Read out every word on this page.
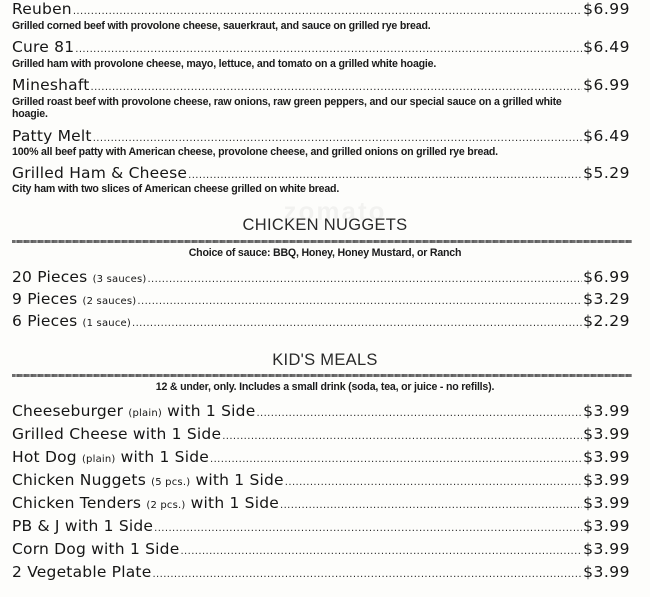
Reuben .....	$6.99
Grilled corned beef with provolone cheese, sauerkraut, and sauce on grilled rye bread.
Cure 81 .....	$6.49
Grilled ham with provolone cheese, mayo, lettuce, and tomato on a grilled white hoagie.
Mineshaft .....	$6.99
Grilled roast beef with provolone cheese, raw onions, raw green peppers, and our special sauce on a grilled white
hoagie.
Patty Melt .....	$6.49
100% all beef patty with American cheese, provolone cheese, and grilled onions on grilled rye bread.
Grilled Ham & Cheese .....	$5.29
City ham with two slices of American cheese grilled on white bread.
CHICKEN NUGGETS
Choice of sauce: BBQ, Honey, Honey Mustard, or Ranch
20 Pieces (3 sauces) .....	$6.99
9 Pieces (2 sauces) .....	$3.29
6 Pieces (1 sauce) .....	$2.29
KID'S MEALS
12 & under, only. Includes a small drink (soda, tea, or juice - no refills).
Cheeseburger (plain) with 1 Side .....	$3.99
Grilled Cheese with 1 Side .....	$3.99
Hot Dog (plain) with 1 Side .....	$3.99
Chicken Nuggets (5 pcs.) with 1 Side .....	$3.99
Chicken Tenders (2 pcs.) with 1 Side .....	$3.99
PB & J with 1 Side .....	$3.99
Corn Dog with 1 Side .....	$3.99
2 Vegetable Plate .....	$3.99
